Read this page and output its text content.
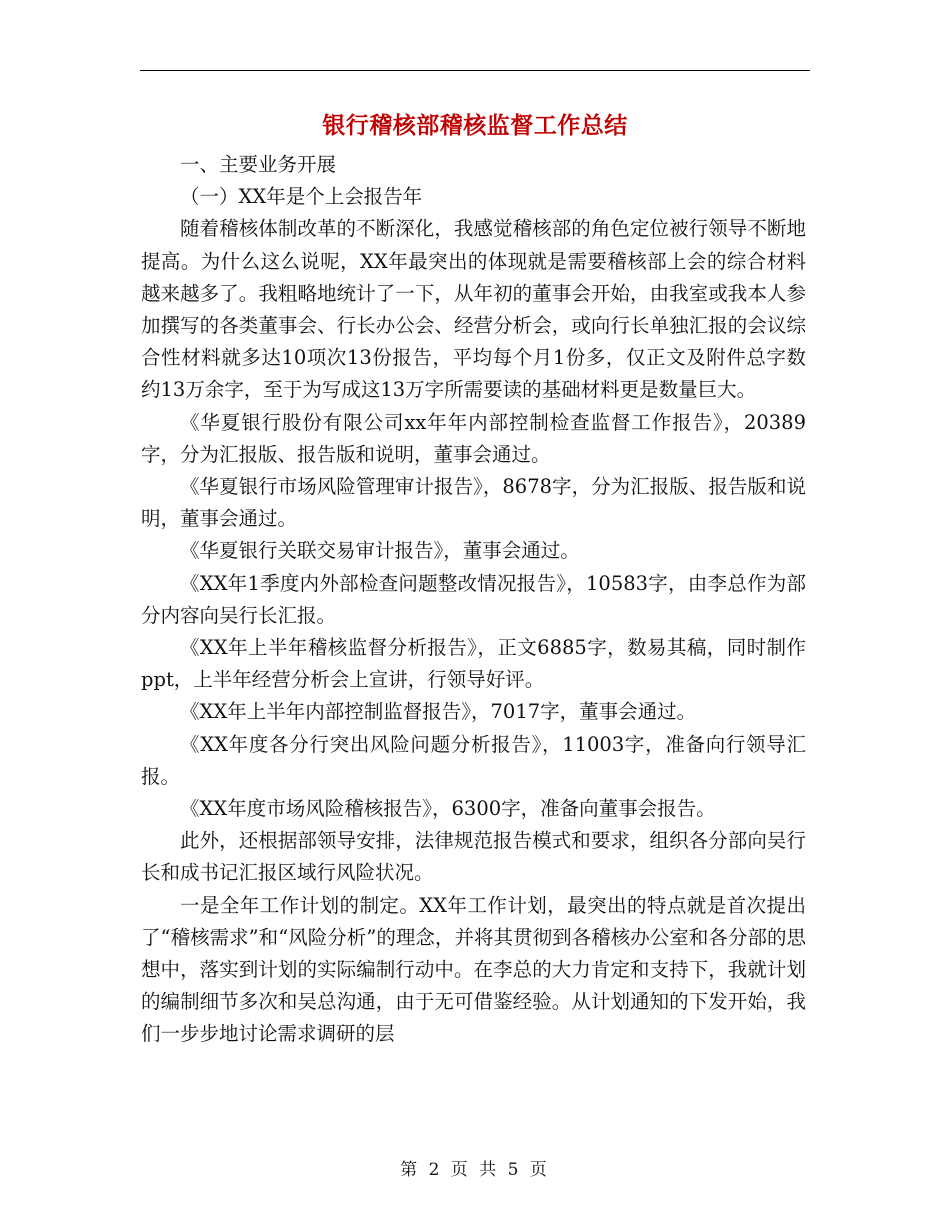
银行稽核部稽核监督工作总结

一、主要业务开展

（一）XX年是个上会报告年

随着稽核体制改革的不断深化，我感觉稽核部的角色定位被行领导不断地提高。为什么这么说呢，XX年最突出的体现就是需要稽核部上会的综合材料越来越多了。我粗略地统计了一下，从年初的董事会开始，由我室或我本人参加撰写的各类董事会、行长办公会、经营分析会，或向行长单独汇报的会议综合性材料就多达10项次13份报告，平均每个月1份多，仅正文及附件总字数约13万余字，至于为写成这13万字所需要读的基础材料更是数量巨大。

《华夏银行股份有限公司xx年年内部控制检查监督工作报告》，20389字，分为汇报版、报告版和说明，董事会通过。

《华夏银行市场风险管理审计报告》，8678字，分为汇报版、报告版和说明，董事会通过。

《华夏银行关联交易审计报告》，董事会通过。

《XX年1季度内外部检查问题整改情况报告》，10583字，由李总作为部分内容向吴行长汇报。

《XX年上半年稽核监督分析报告》，正文6885字，数易其稿，同时制作ppt，上半年经营分析会上宣讲，行领导好评。

《XX年上半年内部控制监督报告》，7017字，董事会通过。

《XX年度各分行突出风险问题分析报告》，11003字，准备向行领导汇报。

《XX年度市场风险稽核报告》，6300字，准备向董事会报告。

此外，还根据部领导安排，法律规范报告模式和要求，组织各分部向吴行长和成书记汇报区域行风险状况。

一是全年工作计划的制定。XX年工作计划，最突出的特点就是首次提出了“稽核需求”和“风险分析”的理念，并将其贯彻到各稽核办公室和各分部的思想中，落实到计划的实际编制行动中。在李总的大力肯定和支持下，我就计划的编制细节多次和吴总沟通，由于无可借鉴经验。从计划通知的下发开始，我们一步步地讨论需求调研的层

第 2 页 共 5 页
